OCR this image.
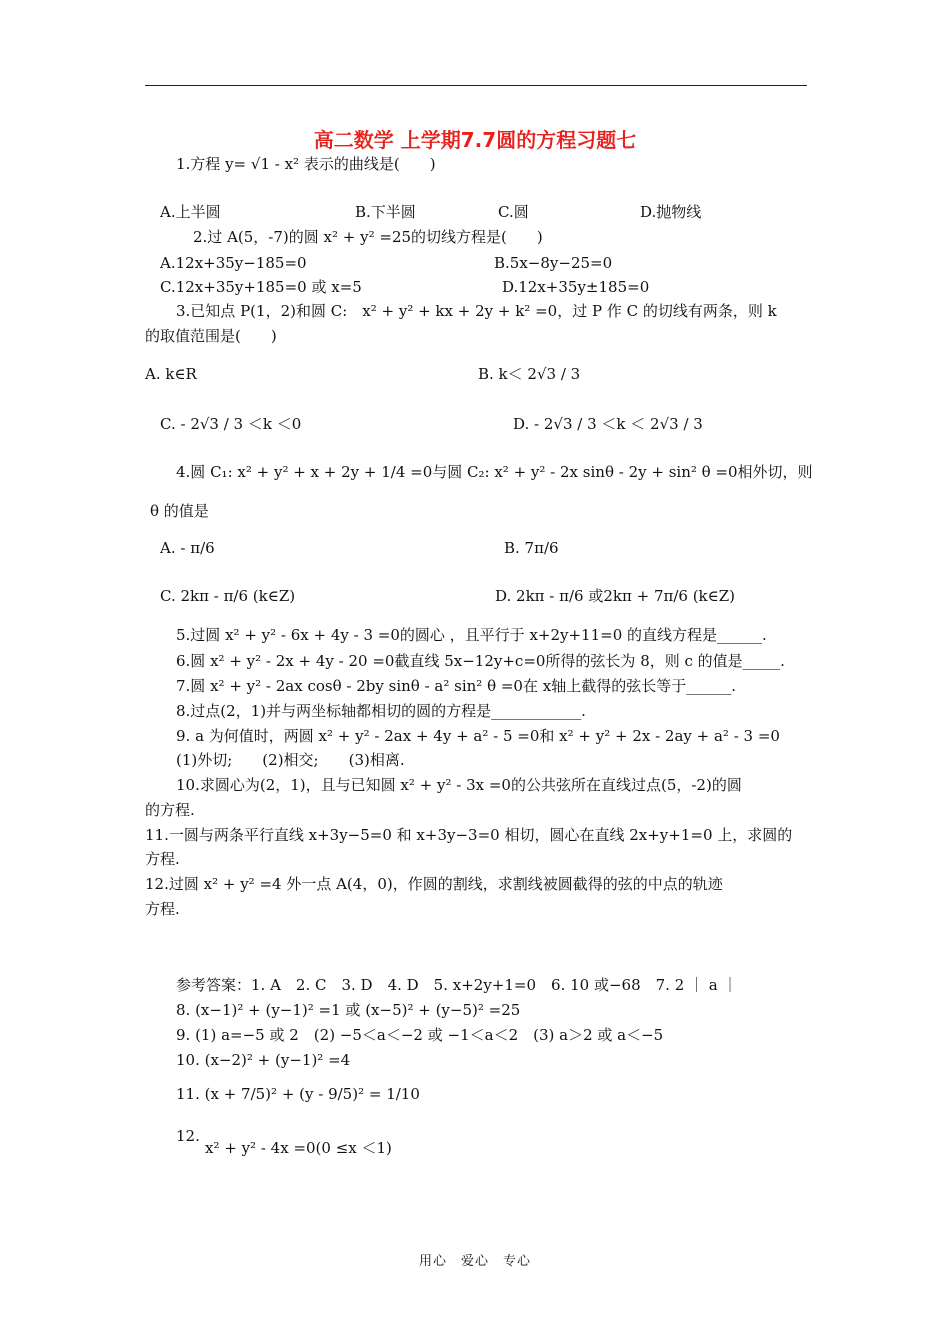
高二数学 上学期7.7圆的方程习题七
1.方程 y= √1 - x² 表示的曲线是(　　)
A.上半圆	B.下半圆	C.圆	D.抛物线
2.过 A(5，-7)的圆 x² + y² =25的切线方程是(　　)
A.12x+35y−185=0	B.5x−8y−25=0
C.12x+35y+185=0 或 x=5	D.12x+35y±185=0
3.已知点 P(1，2)和圆 C:　x² + y² + kx + 2y + k² =0，过 P 作 C 的切线有两条，则 k
的取值范围是(　　)
A. k∈R	B. k＜ 2√3 / 3
C. - 2√3 / 3 ＜k ＜0	D. - 2√3 / 3 ＜k ＜ 2√3 / 3
4.圆 C₁: x² + y² + x + 2y + 1/4 =0与圆 C₂: x² + y² - 2x sinθ - 2y + sin² θ =0相外切，则
θ 的值是
A. - π/6	B. 7π/6
C. 2kπ - π/6 (k∈Z)	D. 2kπ - π/6 或2kπ + 7π/6 (k∈Z)
5.过圆 x² + y² - 6x + 4y - 3 =0的圆心 ，且平行于 x+2y+11=0 的直线方程是______.
6.圆 x² + y² - 2x + 4y - 20 =0截直线 5x−12y+c=0所得的弦长为 8，则 c 的值是_____.
7.圆 x² + y² - 2ax cosθ - 2by sinθ - a² sin² θ =0在 x轴上截得的弦长等于______.
8.过点(2，1)并与两坐标轴都相切的圆的方程是____________.
9. a 为何值时，两圆 x² + y² - 2ax + 4y + a² - 5 =0和 x² + y² + 2x - 2ay + a² - 3 =0
(1)外切;　　(2)相交;　　(3)相离.
10.求圆心为(2，1)，且与已知圆 x² + y² - 3x =0的公共弦所在直线过点(5，-2)的圆
的方程.
11.一圆与两条平行直线 x+3y−5=0 和 x+3y−3=0 相切，圆心在直线 2x+y+1=0 上，求圆的
方程.
12.过圆 x² + y² =4 外一点 A(4，0)，作圆的割线，求割线被圆截得的弦的中点的轨迹
方程.
参考答案：1. A　2. C　3. D　4. D　5. x+2y+1=0　6. 10 或−68　7. 2 ｜ a ｜
8. (x−1)² + (y−1)² =1 或 (x−5)² + (y−5)² =25
9. (1) a=−5 或 2　(2) −5＜a＜−2 或 −1＜a＜2　(3) a＞2 或 a＜−5
10. (x−2)² + (y−1)² =4
11. (x + 7/5)² + (y - 9/5)² = 1/10
12.
x² + y² - 4x =0(0 ≤x ＜1)
用心　爱心　专心
